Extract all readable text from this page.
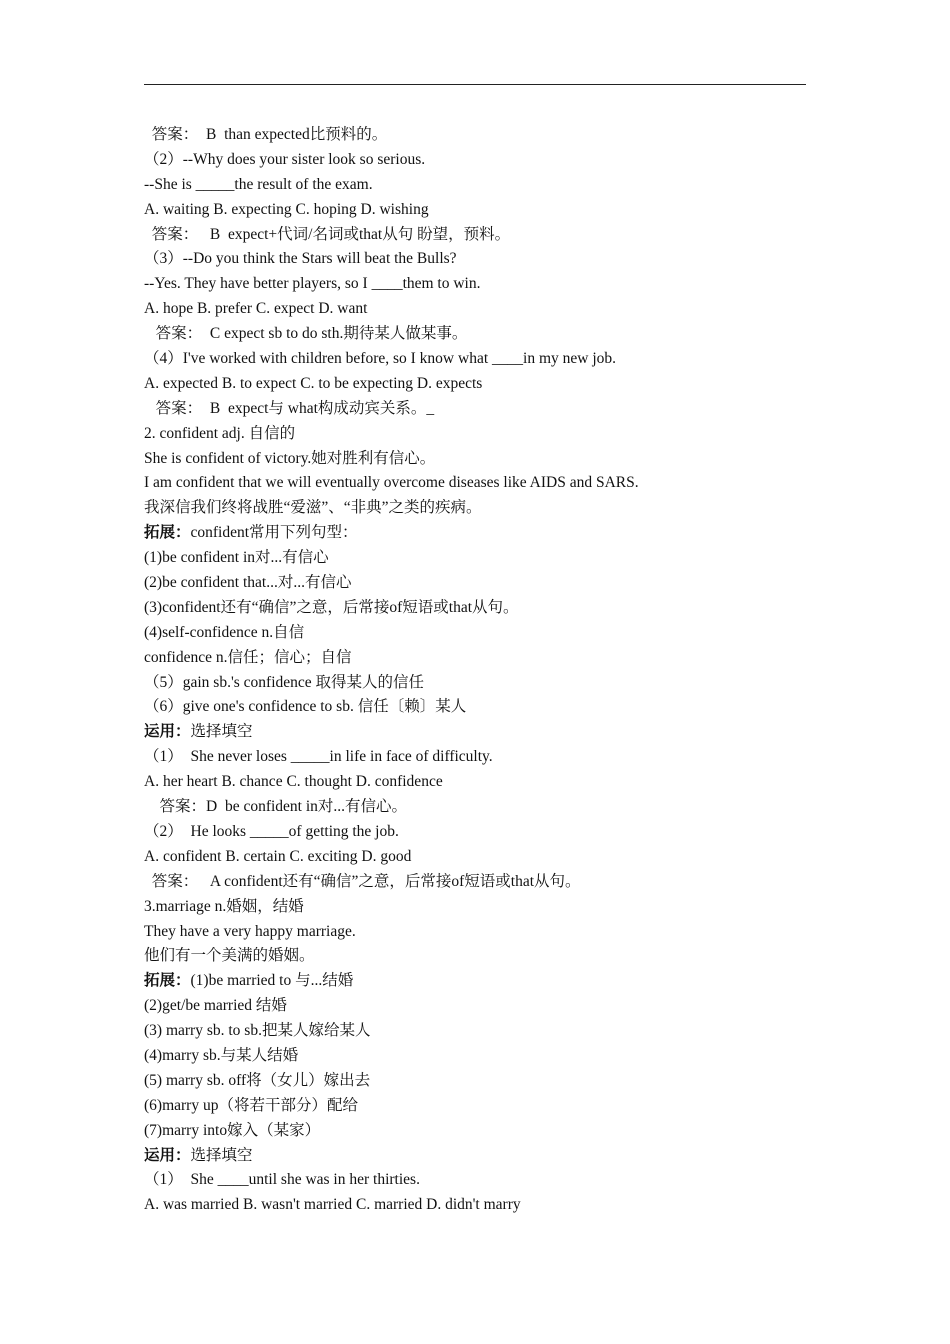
答案：  B  than expected比预料的。
（2）--Why does your sister look so serious.
--She is _____the result of the exam.
A. waiting B. expecting C. hoping D. wishing
答案：   B  expect+代词/名词或that从句 盼望，预料。
（3）--Do you think the Stars will beat the Bulls?
--Yes. They have better players, so I ____them to win.
A. hope B. prefer C. expect D. want
答案：  C expect sb to do sth.期待某人做某事。
（4）I've worked with children before, so I know what ____in my new job.
A. expected B. to expect C. to be expecting D. expects
答案：  B  expect与 what构成动宾关系。_
2. confident adj. 自信的
She is confident of victory.她对胜利有信心。
I am confident that we will eventually overcome diseases like AIDS and SARS.
我深信我们终将战胜“爱滋”、“非典”之类的疾病。
拓展：confident常用下列句型：
(1)be confident in对...有信心
(2)be confident that...对...有信心
(3)confident还有“确信”之意，后常接of短语或that从句。
(4)self-confidence n.自信
confidence n.信任；信心；自信
（5）gain sb.'s confidence 取得某人的信任
（6）give one's confidence to sb. 信任〔赖〕某人
运用：选择填空
（1）  She never loses _____in life in face of difficulty.
A. her heart B. chance C. thought D. confidence
答案：D  be confident in对...有信心。
（2）  He looks _____of getting the job.
A. confident B. certain C. exciting D. good
答案：   A confident还有“确信”之意，后常接of短语或that从句。
3.marriage n.婚姻，结婚
They have a very happy marriage.
他们有一个美满的婚姻。
拓展：(1)be married to 与...结婚
(2)get/be married 结婚
(3) marry sb. to sb.把某人嫁给某人
(4)marry sb.与某人结婚
(5) marry sb. off将（女儿）嫁出去
(6)marry up（将若干部分）配给
(7)marry into嫁入（某家）
运用：选择填空
（1）  She ____until she was in her thirties.
A. was married B. wasn't married C. married D. didn't marry
